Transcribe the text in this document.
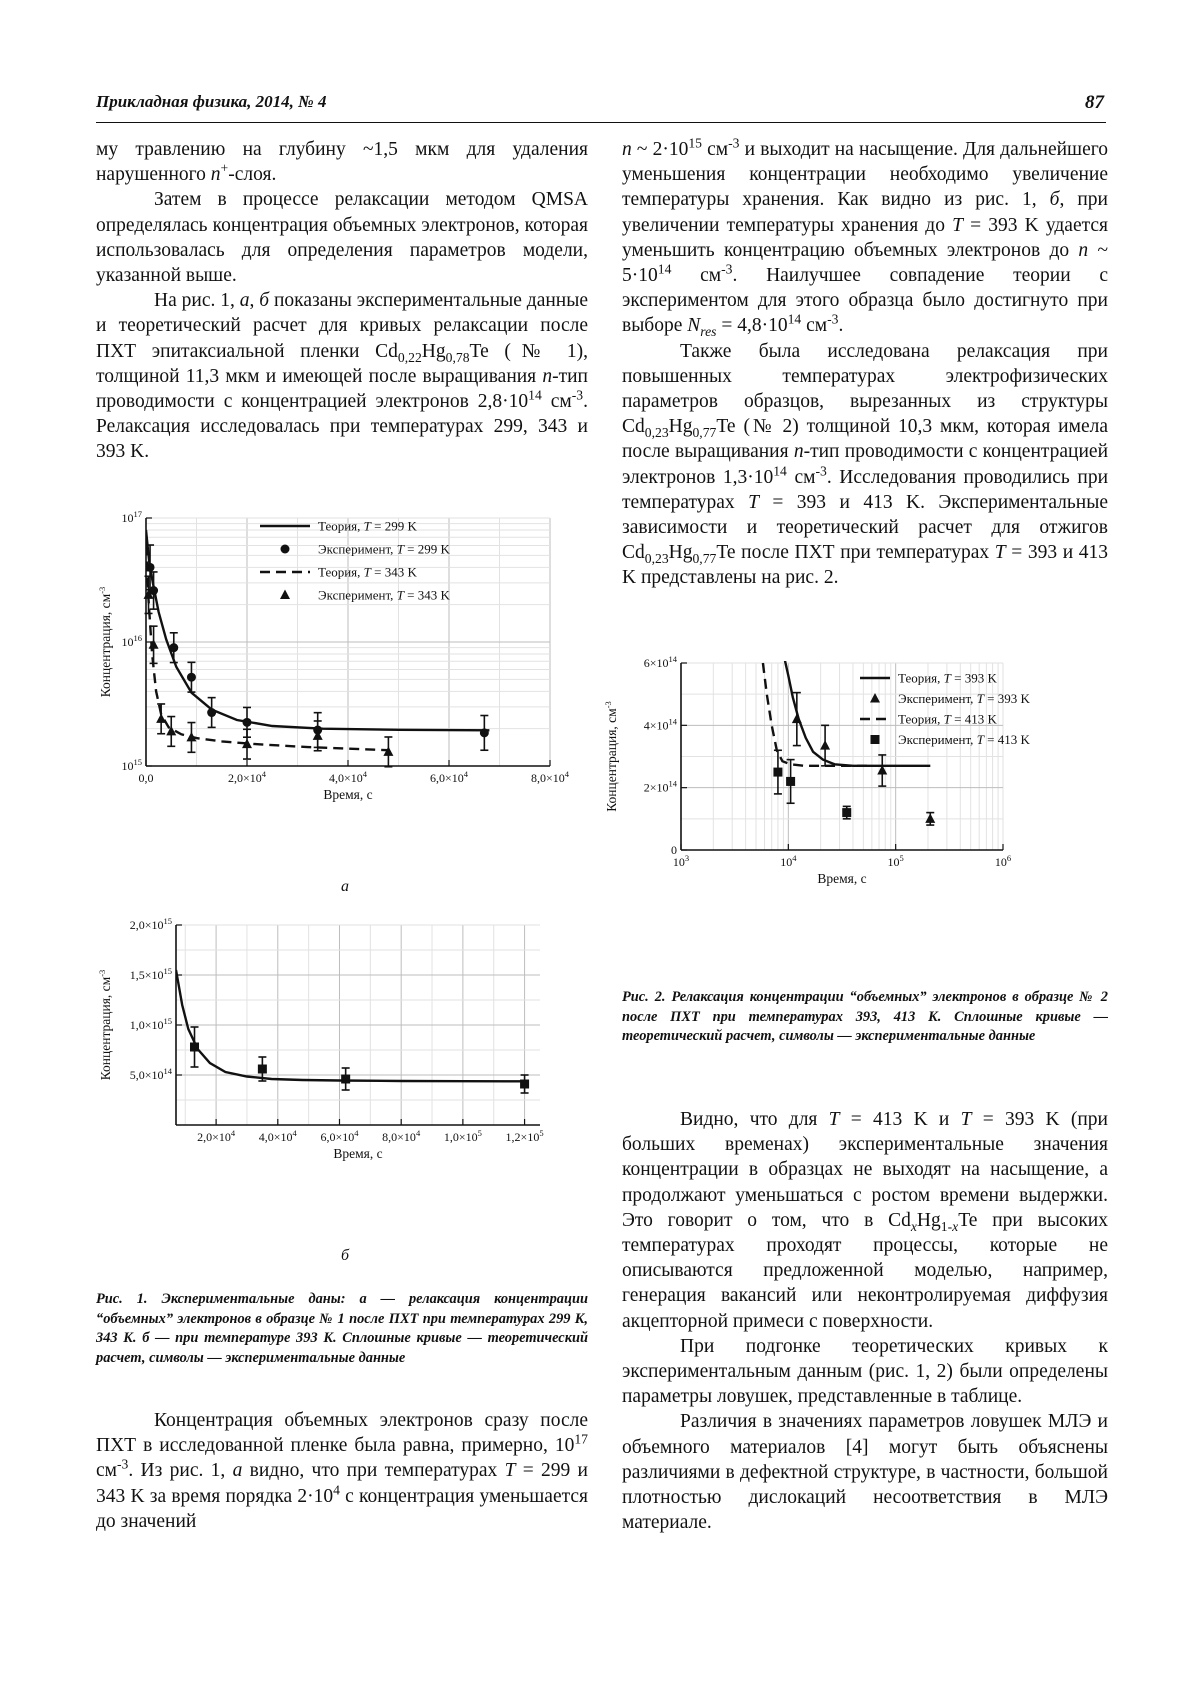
Прикладная физика, 2014, № 4	87

му травлению на глубину ~1,5 мкм для удаления нарушенного n+-слоя.

Затем в процессе релаксации методом QMSA определялась концентрация объемных электронов, которая использовалась для определения параметров модели, указанной выше.

На рис. 1, а, б показаны экспериментальные данные и теоретический расчет для кривых релаксации после ПХТ эпитаксиальной пленки $Cd_{0,22}Hg_{0,78}Te$ (№ 1), толщиной 11,3 мкм и имеющей после выращивания n-тип проводимости с концентрацией электронов $2,8\cdot 10^{14}$ $см^{-3}$. Релаксация исследовалась при температурах 299, 343 и 393 K.

0,0	$2,0\times 10^4$	$4,0\times 10^4$	$6,0\times 10^4$	$8,0\times 10^4$
$10^{15}$
$10^{16}$
$10^{17}$
Время, с
Концентрация, $см^{-3}$
Теория, T = 299 K
Эксперимент, T = 299 K
Теория, T = 343 K
Эксперимент, T = 343 K
а
$2,0\times 10^4$ $4,0\times 10^4$ $6,0\times 10^4$ $8,0\times 10^4$ $1,0\times 10^5$ $1,2\times 10^5$
$5,0\times 10^{14}$
$1,0\times 10^{15}$
$1,5\times 10^{15}$
$2,0\times 10^{15}$
Время, с
Концентрация, $см^{-3}$
б
Рис. 1. Экспериментальные даны: а — релаксация концентрации “объемных” электронов в образце № 1 после ПХТ при температурах 299 K, 343 K. б — при температуре 393 K. Сплошные кривые — теоретический расчет, символы — экспериментальные данные

Концентрация объемных электронов сразу после ПХТ в исследованной пленке была равна, примерно, $10^{17}$ $см^{-3}$. Из рис. 1, а видно, что при температурах T = 299 и 343 K за время порядка $2\cdot 10^4$ с концентрация уменьшается до значений

n ~ $2\cdot 10^{15}$ $см^{-3}$ и выходит на насыщение. Для дальнейшего уменьшения концентрации необходимо увеличение температуры хранения. Как видно из рис. 1, б, при увеличении температуры хранения до T = 393 K удается уменьшить концентрацию объемных электронов до n ~ $5\cdot 10^{14}$ $см^{-3}$. Наилучшее совпадение теории с экспериментом для этого образца было достигнуто при выборе $N_{res} = 4,8\cdot 10^{14}$ $см^{-3}$.

Также была исследована релаксация при повышенных температурах электрофизических параметров образцов, вырезанных из структуры $Cd_{0,23}Hg_{0,77}Te$ (№ 2) толщиной 10,3 мкм, которая имела после выращивания n-тип проводимости с концентрацией электронов $1,3\cdot 10^{14}$ $см^{-3}$. Исследования проводились при температурах T = 393 и 413 K. Экспериментальные зависимости и теоретический расчет для отжигов $Cd_{0,23}Hg_{0,77}Te$ после ПХТ при температурах T = 393 и 413 K представлены на рис. 2.

$10^3$	$10^4$	$10^5$	$10^6$
0
$2\times 10^{14}$
$4\times 10^{14}$
$6\times 10^{14}$
Время, с
Концентрация, $см^{-3}$
Теория, T = 393 K
Эксперимент, T = 393 K
Теория, T = 413 K
Эксперимент, T = 413 K
Рис. 2. Релаксация концентрации “объемных” электронов в образце № 2 после ПХТ при температурах 393, 413 K. Сплошные кривые — теоретический расчет, символы — экспериментальные данные

Видно, что для T = 413 K и T = 393 K (при больших временах) экспериментальные значения концентрации в образцах не выходят на насыщение, а продолжают уменьшаться с ростом времени выдержки. Это говорит о том, что в $Cd_xHg_{1-x}Te$ при высоких температурах проходят процессы, которые не описываются предложенной моделью, например, генерация вакансий или неконтролируемая диффузия акцепторной примеси с поверхности.

При подгонке теоретических кривых к экспериментальным данным (рис. 1, 2) были определены параметры ловушек, представленные в таблице.

Различия в значениях параметров ловушек МЛЭ и объемного материалов [4] могут быть объяснены различиями в дефектной структуре, в частности, большой плотностью дислокаций несоответствия в МЛЭ материале.
